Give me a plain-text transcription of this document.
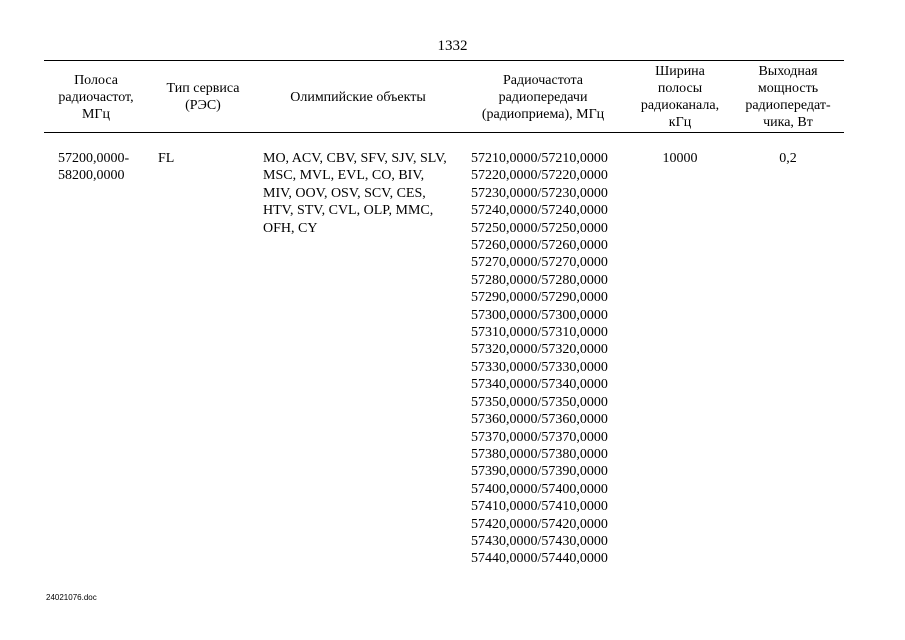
1332
Полоса
радиочастот,
МГц
Тип сервиса
(РЭС)
Олимпийские объекты
Радиочастота
радиопередачи
(радиоприема), МГц
Ширина
полосы
радиоканала,
кГц
Выходная
мощность
радиопередат-
чика, Вт
57200,0000-
58200,0000
FL	MO, ACV, CBV, SFV, SJV, SLV, MSC, MVL, EVL, CO, BIV, MIV, OOV, OSV, SCV, CES, HTV, STV, CVL, OLP, MMC, OFH, CY
57210,0000/57210,0000
57220,0000/57220,0000
57230,0000/57230,0000
57240,0000/57240,0000
57250,0000/57250,0000
57260,0000/57260,0000
57270,0000/57270,0000
57280,0000/57280,0000
57290,0000/57290,0000
57300,0000/57300,0000
57310,0000/57310,0000
57320,0000/57320,0000
57330,0000/57330,0000
57340,0000/57340,0000
57350,0000/57350,0000
57360,0000/57360,0000
57370,0000/57370,0000
57380,0000/57380,0000
57390,0000/57390,0000
57400,0000/57400,0000
57410,0000/57410,0000
57420,0000/57420,0000
57430,0000/57430,0000
57440,0000/57440,0000
10000	0,2
24021076.doc
